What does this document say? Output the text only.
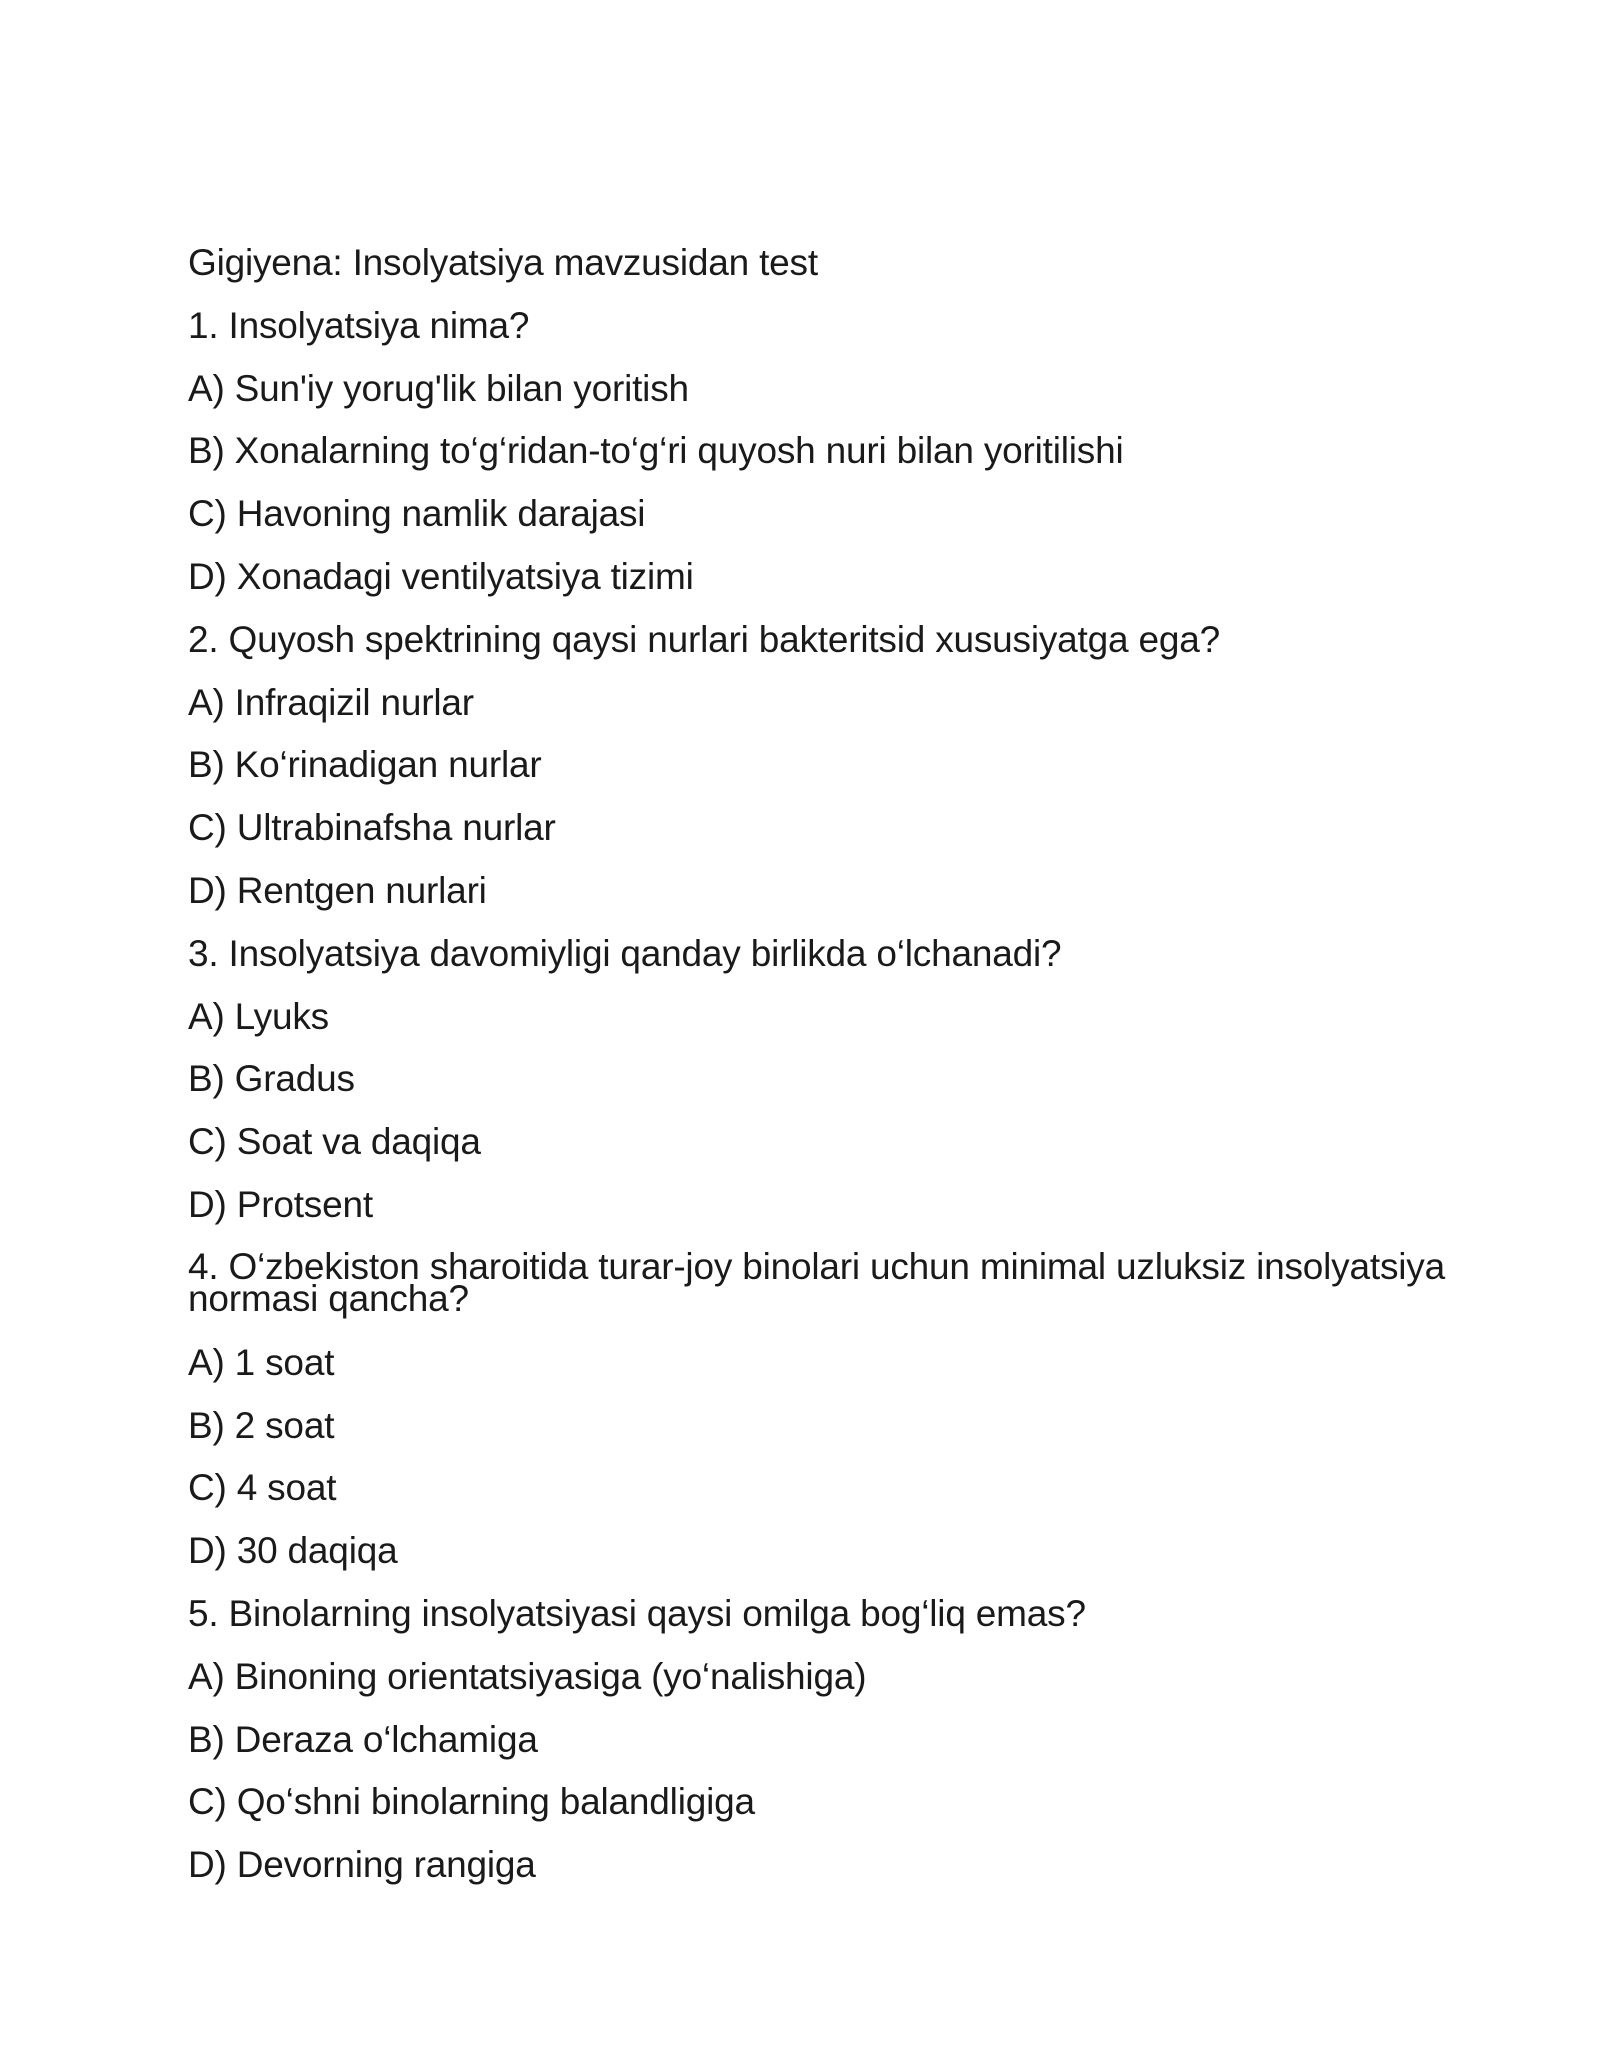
Gigiyena: Insolyatsiya mavzusidan test
1. Insolyatsiya nima?
A) Sun'iy yorug'lik bilan yoritish
B) Xonalarning to‘g‘ridan-to‘g‘ri quyosh nuri bilan yoritilishi
C) Havoning namlik darajasi
D) Xonadagi ventilyatsiya tizimi
2. Quyosh spektrining qaysi nurlari bakteritsid xususiyatga ega?
A) Infraqizil nurlar
B) Ko‘rinadigan nurlar
C) Ultrabinafsha nurlar
D) Rentgen nurlari
3. Insolyatsiya davomiyligi qanday birlikda o‘lchanadi?
A) Lyuks
B) Gradus
C) Soat va daqiqa
D) Protsent
4. O‘zbekiston sharoitida turar-joy binolari uchun minimal uzluksiz insolyatsiya normasi qancha?
A) 1 soat
B) 2 soat
C) 4 soat
D) 30 daqiqa
5. Binolarning insolyatsiyasi qaysi omilga bog‘liq emas?
A) Binoning orientatsiyasiga (yo‘nalishiga)
B) Deraza o‘lchamiga
C) Qo‘shni binolarning balandligiga
D) Devorning rangiga
